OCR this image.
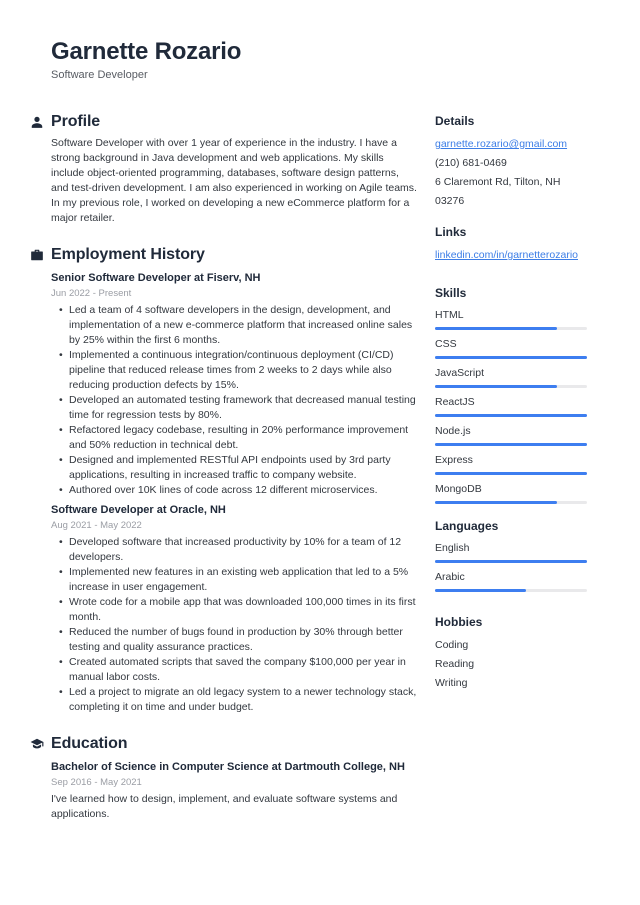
Garnette Rozario
Software Developer
Profile
Software Developer with over 1 year of experience in the industry. I have a strong background in Java development and web applications. My skills include object-oriented programming, databases, software design patterns, and test-driven development. I am also experienced in working on Agile teams. In my previous role, I worked on developing a new eCommerce platform for a major retailer.
Employment History
Senior Software Developer at Fiserv, NH
Jun 2022 - Present
• Led a team of 4 software developers in the design, development, and implementation of a new e-commerce platform that increased online sales by 25% within the first 6 months.
• Implemented a continuous integration/continuous deployment (CI/CD) pipeline that reduced release times from 2 weeks to 2 days while also reducing production defects by 15%.
• Developed an automated testing framework that decreased manual testing time for regression tests by 80%.
• Refactored legacy codebase, resulting in 20% performance improvement and 50% reduction in technical debt.
• Designed and implemented RESTful API endpoints used by 3rd party applications, resulting in increased traffic to company website.
• Authored over 10K lines of code across 12 different microservices.
Software Developer at Oracle, NH
Aug 2021 - May 2022
• Developed software that increased productivity by 10% for a team of 12 developers.
• Implemented new features in an existing web application that led to a 5% increase in user engagement.
• Wrote code for a mobile app that was downloaded 100,000 times in its first month.
• Reduced the number of bugs found in production by 30% through better testing and quality assurance practices.
• Created automated scripts that saved the company $100,000 per year in manual labor costs.
• Led a project to migrate an old legacy system to a newer technology stack, completing it on time and under budget.
Education
Bachelor of Science in Computer Science at Dartmouth College, NH
Sep 2016 - May 2021
I've learned how to design, implement, and evaluate software systems and applications.
Details
garnette.rozario@gmail.com
(210) 681-0469
6 Claremont Rd, Tilton, NH 03276
Links
linkedin.com/in/garnetterozario
Skills
HTML
CSS
JavaScript
ReactJS
Node.js
Express
MongoDB
Languages
English
Arabic
Hobbies
Coding
Reading
Writing
